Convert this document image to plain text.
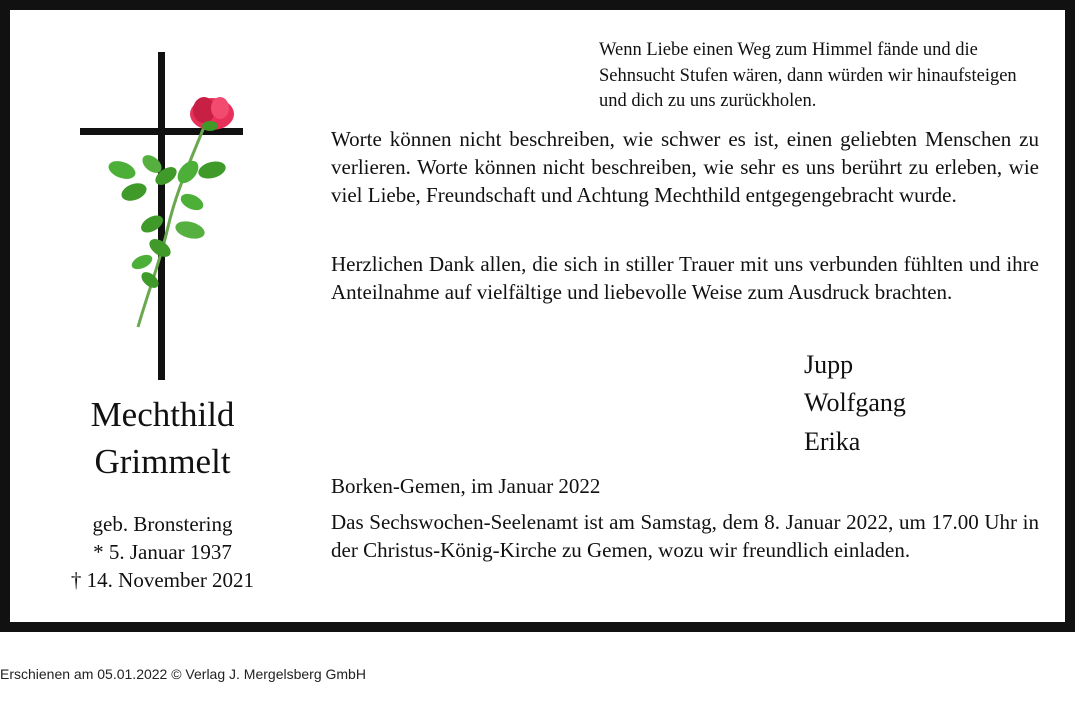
Mechthild
Grimmelt
geb. Bronstering
* 5. Januar 1937
† 14. November 2021
Wenn Liebe einen Weg zum Himmel fände und die Sehnsucht Stufen wären, dann würden wir hinaufsteigen und dich zu uns zurückholen.
Worte können nicht beschreiben, wie schwer es ist, einen geliebten Menschen zu verlieren. Worte können nicht beschreiben, wie sehr es uns berührt zu erleben, wie viel Liebe, Freundschaft und Achtung Mechthild entgegengebracht wurde.
Herzlichen Dank allen, die sich in stiller Trauer mit uns verbunden fühlten und ihre Anteilnahme auf vielfältige und liebevolle Weise zum Ausdruck brachten.
Jupp
Wolfgang
Erika
Borken-Gemen, im Januar 2022
Das Sechswochen-Seelenamt ist am Samstag, dem 8. Januar 2022, um 17.00 Uhr in der Christus-König-Kirche zu Gemen, wozu wir freundlich einladen.
Erschienen am 05.01.2022 © Verlag J. Mergelsberg GmbH
